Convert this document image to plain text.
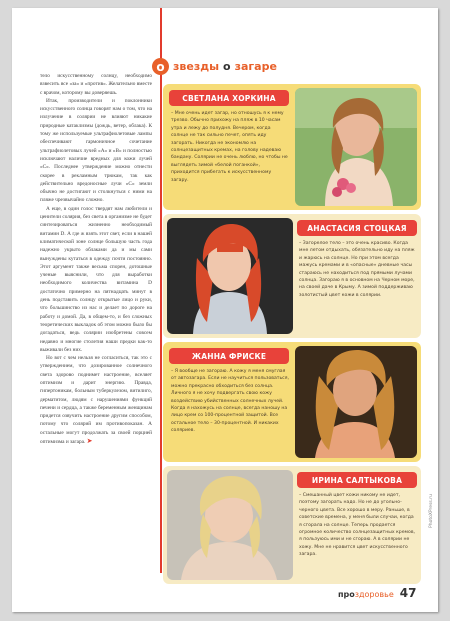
тело искусственному солнцу, необходимо взвесить все «за» и «против». Желательно вместе с врачом, которому вы доверяешь.

Итак, производители и поклонники искусственного солнца говорят нам о том, что на излучение в солярии не влияют никакие природные катаклизмы (дождь, ветер, облака). К тому же используемые ультрафиолетовые лампы обеспечивают гармоничное сочетание ультрафиолетовых лучей «А» и «В» и полностью исключают наличие вредных для кожи лучей «С». Последнее утверждение можно отнести скорее в рекламным трюкам, так как действительно вредоносные лучи «С» земли обычно не достигают и столкнуться с ними на пляже чрезвычайно сложно.

А еще, в один голос твердят нам любители и ценители солярия, без света в организме не будет синтезироваться жизненно необходимый витамин D. А где ж взять этот свет, если в нашей климатической зоне солнце большую часть года надежно укрыто облаками да и мы сами вынуждены кутаться в одежду почти постоянно. Этот аргумент также весьма спорен, дотошные ученые выяснили, что для выработки необходимого количества витамина D достаточно примерно на пятнадцать минут в день подставить солнцу открытые лицо и руки, что большинство из нас и делает по дороге на работу и домой. Да, в общем-то, и без сложных теоретических выкладок об этом можно было бы догадаться, ведь солярии изобретены совсем недавно и многие столетия наши предки как-то выживали без них.

Но вот с чем нельзя не согласиться, так это с утверждением, что дозированное солнечного света здорово поднимет настроение, вселяет оптимизм и дарит энергию. Правда, гипертоникам, больным туберкулезом, витилиго, дерматитом, людям с нарушениями функций печени и сердца, а также беременным женщинам придется озвучить настроение другим способом, потому что солярий им противопоказан. А остальные могут продолжать за своей порцией оптимизма и загара. ➤

о звезды о загаре
СВЕТЛАНА ХОРКИНА
– Мне очень идет загар, но отношусь я к нему трезво. Обычно прихожу на пляж в 10 часам утра и лежу до полудня. Вечером, когда солнце не так сильно печет, опять иду загорать. Никогда не экономлю на солнцезащитных кремах, на голову надеваю бандану. Солярии не очень люблю, но чтобы не выглядеть зимой «белой поганкой», приходится прибегать к искусственному загару.
АНАСТАСИЯ СТОЦКАЯ
– Загорелое тело – это очень красиво. Когда мне летом отдыхать, обязательно иду на пляж и жарюсь на солнце. Но при этом всегда мажусь кремами и в «опасные» дневные часы стараюсь не находиться под прямыми лучами солнца. Загораю я в основном на Черном море, на своей даче в Крыму. А зимой поддерживаю золотистый цвет кожи в солярии.
ЖАННА ФРИСКЕ
– Я вообще не загораю. А кожу я меня смуглая от автозагара. Если не научиться пользоваться, можно прекрасно обходиться без солнца. Личного я не хочу подвергать свою кожу воздействию убийственных солнечных лучей. Когда я нахожусь на солнце, всегда наношу на лицо крем со 100-процентной защитой. Все остальное тело – 30-процентной. И никаких соляриев.
ИРИНА САЛТЫКОВА
– Смешанный цвет кожи никому не идет, поэтому загорать надо. Но не до угольно-черного цвета. Все хорошо в меру. Раньше, в советские времена, у меня были случаи, когда я сгорала на солнце. Теперь продается огромное количество солнцезащитных кремов, я пользуюсь ими и не сгораю. А в солярии не хожу. Мне не нравится цвет искусственного загара.
PhotoXPress.ru
про здоровье 47
